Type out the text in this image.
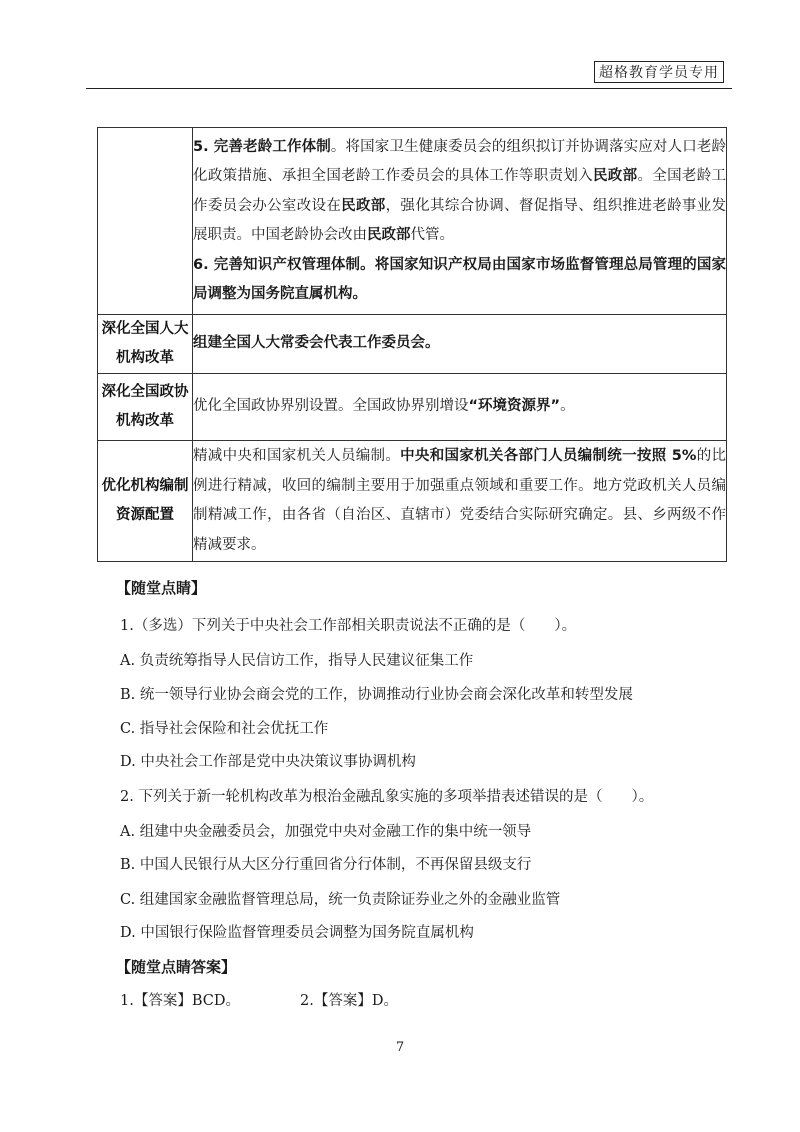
超格教育学员专用

	5. 完善老龄工作体制。将国家卫生健康委员会的组织拟订并协调落实应对人口老龄化政策措施、承担全国老龄工作委员会的具体工作等职责划入民政部。全国老龄工作委员会办公室改设在民政部，强化其综合协调、督促指导、组织推进老龄事业发展职责。中国老龄协会改由民政部代管。
6. 完善知识产权管理体制。将国家知识产权局由国家市场监督管理总局管理的国家局调整为国务院直属机构。

深化全国人大机构改革	组建全国人大常委会代表工作委员会。
深化全国政协机构改革	优化全国政协界别设置。全国政协界别增设“环境资源界”。
优化机构编制资源配置	精减中央和国家机关人员编制。中央和国家机关各部门人员编制统一按照 5%的比例进行精减，收回的编制主要用于加强重点领域和重要工作。地方党政机关人员编制精减工作，由各省（自治区、直辖市）党委结合实际研究确定。县、乡两级不作精减要求。
【随堂点睛】
1.（多选）下列关于中央社会工作部相关职责说法不正确的是（　　）。
A. 负责统筹指导人民信访工作，指导人民建议征集工作
B. 统一领导行业协会商会党的工作，协调推动行业协会商会深化改革和转型发展
C. 指导社会保险和社会优抚工作
D. 中央社会工作部是党中央决策议事协调机构
2. 下列关于新一轮机构改革为根治金融乱象实施的多项举措表述错误的是（　　）。
A. 组建中央金融委员会，加强党中央对金融工作的集中统一领导
B. 中国人民银行从大区分行重回省分行体制，不再保留县级支行
C. 组建国家金融监督管理总局，统一负责除证券业之外的金融业监管
D. 中国银行保险监督管理委员会调整为国务院直属机构
【随堂点睛答案】
1.【答案】BCD。	2.【答案】D。
7
